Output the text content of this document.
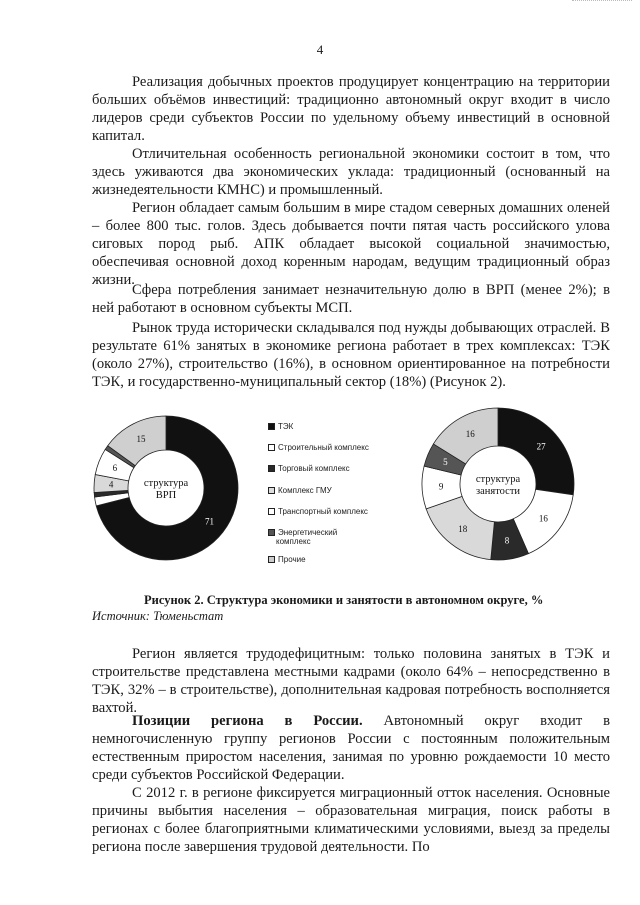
4

Реализация добычных проектов продуцирует концентрацию на территории больших объёмов инвестиций: традиционно автономный округ входит в число лидеров среди субъектов России по удельному объему инвестиций в основной капитал.

Отличительная особенность региональной экономики состоит в том, что здесь уживаются два экономических уклада: традиционный (основанный на жизнедеятельности КМНС) и промышленный.

Регион обладает самым большим в мире стадом северных домашних оленей – более 800 тыс. голов. Здесь добывается почти пятая часть российского улова сиговых пород рыб. АПК обладает высокой социальной значимостью, обеспечивая основной доход коренным народам, ведущим традиционный образ жизни.

Сфера потребления занимает незначительную долю в ВРП (менее 2%); в ней работают в основном субъекты МСП.

Рынок труда исторически складывался под нужды добывающих отраслей. В результате 61% занятых в экономике региона работает в трех комплексах: ТЭК (около 27%), строительство (16%), в основном ориентированное на потребности ТЭК, и государственно-муниципальный сектор (18%) (Рисунок 2).

71
4
6
15
структура
ВРП
27
16
8
18
9
5
16
структура
занятости
ТЭК
Строительный комплекс
Торговый комплекс
Комплекс ГМУ
Транспортный комплекс
Энергетический комплекс
Прочие
Рисунок 2. Структура экономики и занятости в автономном округе, %
Источник: Тюменьстат

Регион является трудодефицитным: только половина занятых в ТЭК и строительстве представлена местными кадрами (около 64% – непосредственно в ТЭК, 32% – в строительстве), дополнительная кадровая потребность восполняется вахтой.

Позиции региона в России. Автономный округ входит в немногочисленную группу регионов России с постоянным положительным естественным приростом населения, занимая по уровню рождаемости 10 место среди субъектов Российской Федерации.

С 2012 г. в регионе фиксируется миграционный отток населения. Основные причины выбытия населения – образовательная миграция, поиск работы в регионах с более благоприятными климатическими условиями, выезд за пределы региона после завершения трудовой деятельности. По
